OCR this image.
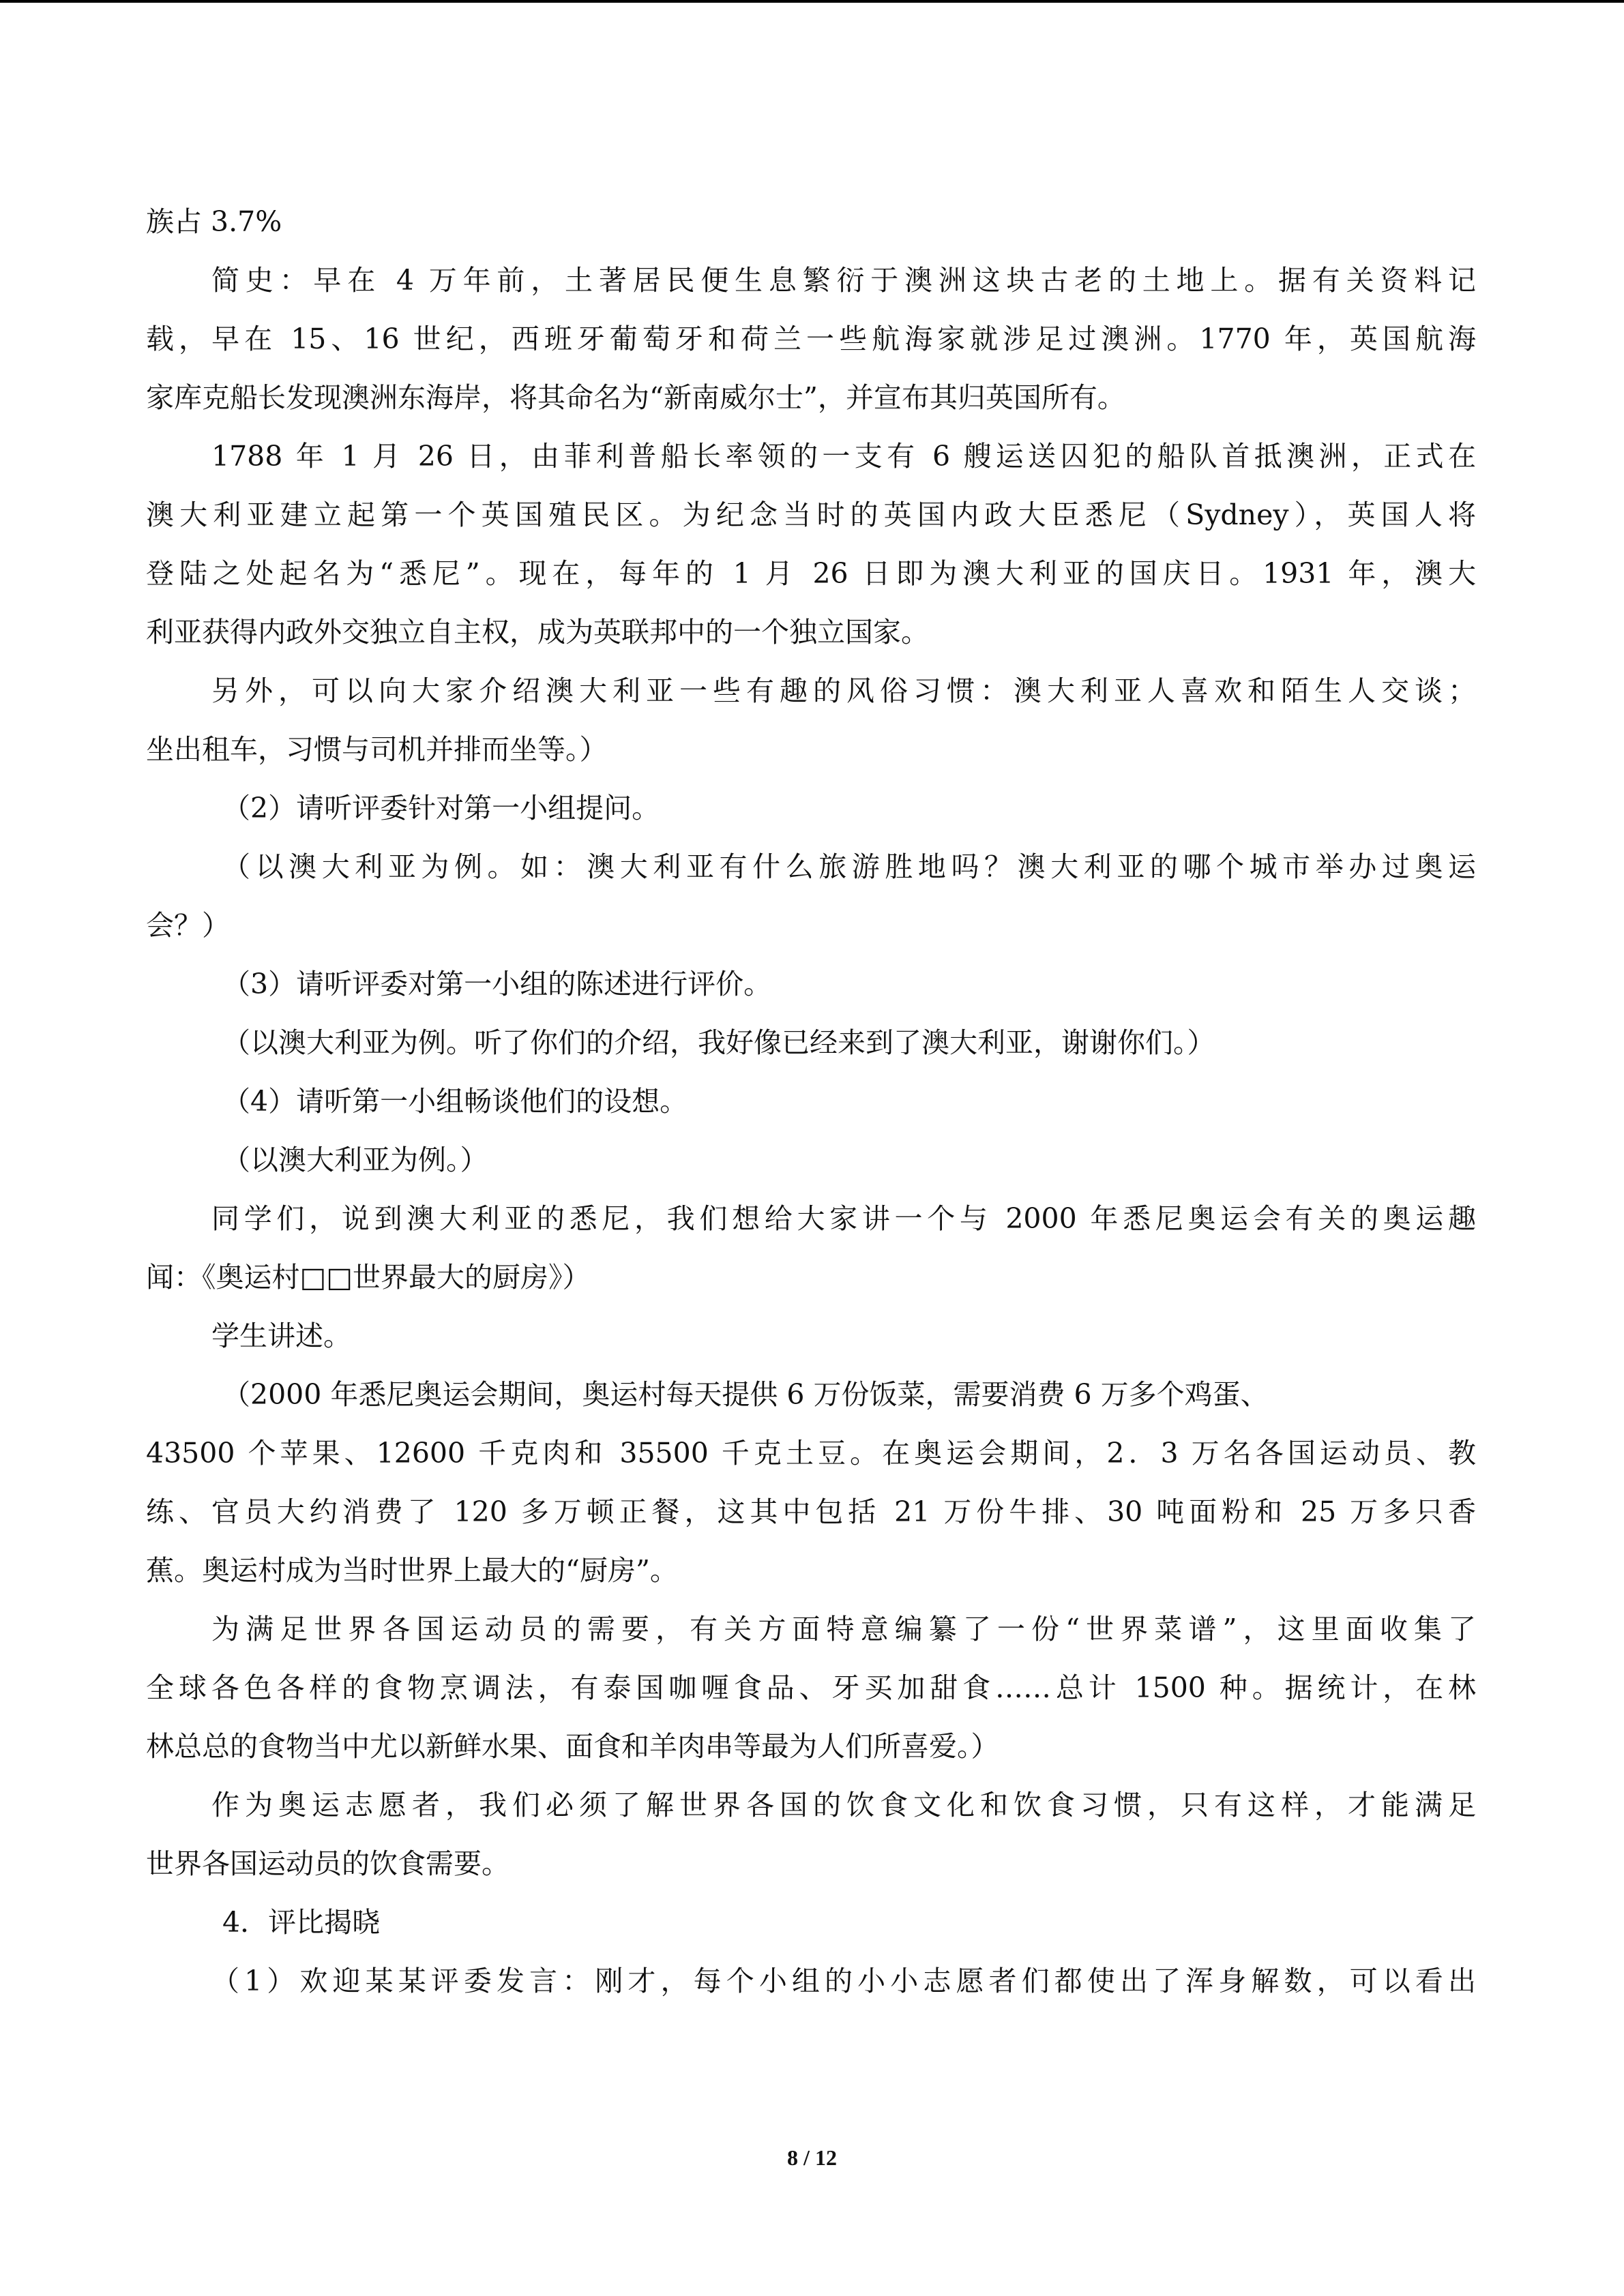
族占 3.7%
简史：早在 4 万年前，土著居民便生息繁衍于澳洲这块古老的土地上。据有关资料记
载，早在 15、16 世纪，西班牙葡萄牙和荷兰一些航海家就涉足过澳洲。1770 年，英国航海
家库克船长发现澳洲东海岸，将其命名为“新南威尔士”，并宣布其归英国所有。
1788 年 1 月 26 日，由菲利普船长率领的一支有 6 艘运送囚犯的船队首抵澳洲，正式在
澳大利亚建立起第一个英国殖民区。为纪念当时的英国内政大臣悉尼（Sydney），英国人将
登陆之处起名为“悉尼”。现在，每年的 1 月 26 日即为澳大利亚的国庆日。1931 年，澳大
利亚获得内政外交独立自主权，成为英联邦中的一个独立国家。
另外，可以向大家介绍澳大利亚一些有趣的风俗习惯：澳大利亚人喜欢和陌生人交谈；
坐出租车，习惯与司机并排而坐等。）
（2）请听评委针对第一小组提问。
（以澳大利亚为例。如：澳大利亚有什么旅游胜地吗？澳大利亚的哪个城市举办过奥运
会？）
（3）请听评委对第一小组的陈述进行评价。
（以澳大利亚为例。听了你们的介绍，我好像已经来到了澳大利亚，谢谢你们。）
（4）请听第一小组畅谈他们的设想。
（以澳大利亚为例。）
同学们，说到澳大利亚的悉尼，我们想给大家讲一个与 2000 年悉尼奥运会有关的奥运趣
闻：《奥运村□□世界最大的厨房》）
学生讲述。
（2000 年悉尼奥运会期间，奥运村每天提供 6 万份饭菜，需要消费 6 万多个鸡蛋、
43500 个苹果、12600 千克肉和 35500 千克土豆。在奥运会期间，2．3 万名各国运动员、教
练、官员大约消费了 120 多万顿正餐，这其中包括 21 万份牛排、30 吨面粉和 25 万多只香
蕉。奥运村成为当时世界上最大的“厨房”。
为满足世界各国运动员的需要，有关方面特意编纂了一份“世界菜谱”，这里面收集了
全球各色各样的食物烹调法，有泰国咖喱食品、牙买加甜食……总计 1500 种。据统计，在林
林总总的食物当中尤以新鲜水果、面食和羊肉串等最为人们所喜爱。）
作为奥运志愿者，我们必须了解世界各国的饮食文化和饮食习惯，只有这样，才能满足
世界各国运动员的饮食需要。
4．评比揭晓
（1）欢迎某某评委发言：刚才，每个小组的小小志愿者们都使出了浑身解数，可以看出
8 / 12
